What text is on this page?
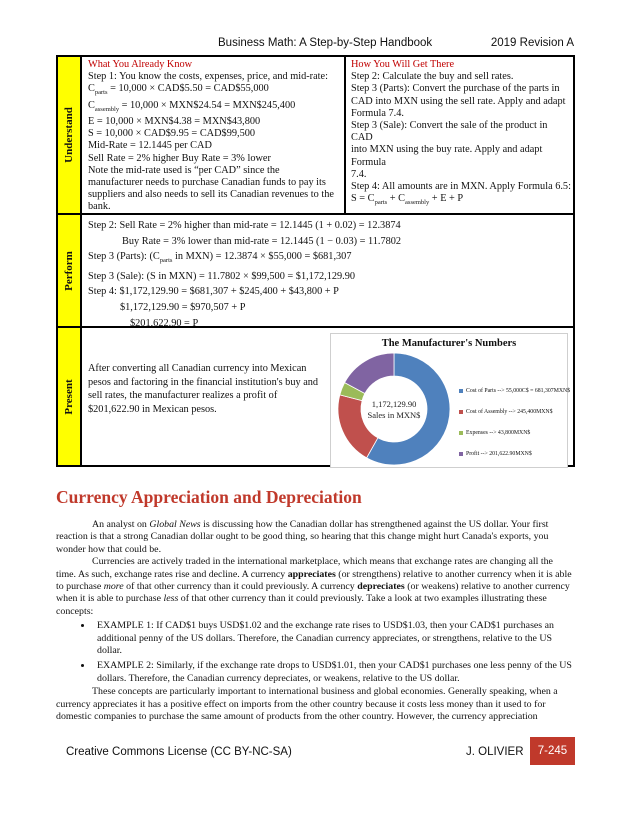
Business Math: A Step-by-Step Handbook	2019 Revision A
Understand
What You Already Know
Step 1: You know the costs, expenses, price, and mid-rate:
$C_{parts} = 10,000$ × CAD$5.50 = CAD$55,000
$C_{assembly} = 10,000$ × MXN$24.54 = MXN$245,400
E = 10,000 × MXN$4.38 = MXN$43,800
S = 10,000 × CAD$9.95 = CAD$99,500
Mid-Rate = 12.1445 per CAD
Sell Rate = 2% higher Buy Rate = 3% lower
Note the mid-rate used is “per CAD” since the
manufacturer needs to purchase Canadian funds to pay its
suppliers and also needs to sell its Canadian revenues to the
bank.
How You Will Get There
Step 2: Calculate the buy and sell rates.
Step 3 (Parts): Convert the purchase of the parts in
CAD into MXN using the sell rate. Apply and adapt
Formula 7.4.
Step 3 (Sale): Convert the sale of the product in CAD
into MXN using the buy rate. Apply and adapt Formula
7.4.
Step 4: All amounts are in MXN. Apply Formula 6.5:
$S = C_{parts} + C_{assembly} + E + P$
Perform
Step 2: Sell Rate = 2% higher than mid-rate = 12.1445 (1 + 0.02) = 12.3874
Buy Rate = 3% lower than mid-rate = 12.1445 (1 − 0.03) = 11.7802
Step 3 (Parts): ($C_{parts}$ in MXN) = 12.3874 × $55,000 = $681,307
Step 3 (Sale): (S in MXN) = 11.7802 × $99,500 = $1,172,129.90
Step 4: $1,172,129.90 = $681,307 + $245,400 + $43,800 + P
$1,172,129.90 = $970,507 + P
$201,622.90 = P
Present
After converting all Canadian currency into Mexican pesos and factoring in the financial institution's buy and sell rates, the manufacturer realizes a profit of $201,622.90 in Mexican pesos.
The Manufacturer's Numbers
1,172,129.90
Sales in MXN$
Cost of Parts --> 55,000C$ = 681,307MXN$
Cost of Assembly --> 245,400MXN$
Expenses --> 43,800MXN$
Profit --> 201,622.90MXN$
Currency Appreciation and Depreciation

An analyst on Global News is discussing how the Canadian dollar has strengthened against the US dollar. Your first reaction is that a strong Canadian dollar ought to be good thing, so hearing that this change might hurt Canada's exports, you wonder how that could be.

Currencies are actively traded in the international marketplace, which means that exchange rates are changing all the time. As such, exchange rates rise and decline. A currency appreciates (or strengthens) relative to another currency when it is able to purchase more of that other currency than it could previously. A currency depreciates (or weakens) relative to another currency when it is able to purchase less of that other currency than it could previously. Take a look at two examples illustrating these concepts:

• EXAMPLE 1: If CAD$1 buys USD$1.02 and the exchange rate rises to USD$1.03, then your CAD$1 purchases an additional penny of the US dollars. Therefore, the Canadian currency appreciates, or strengthens, relative to the US dollar.
• EXAMPLE 2: Similarly, if the exchange rate drops to USD$1.01, then your CAD$1 purchases one less penny of the US dollars. Therefore, the Canadian currency depreciates, or weakens, relative to the US dollar.

These concepts are particularly important to international business and global economies. Generally speaking, when a currency appreciates it has a positive effect on imports from the other country because it costs less money than it used to for domestic companies to purchase the same amount of products from the other country. However, the currency appreciation

Creative Commons License (CC BY-NC-SA)	J. OLIVIER	7-245
